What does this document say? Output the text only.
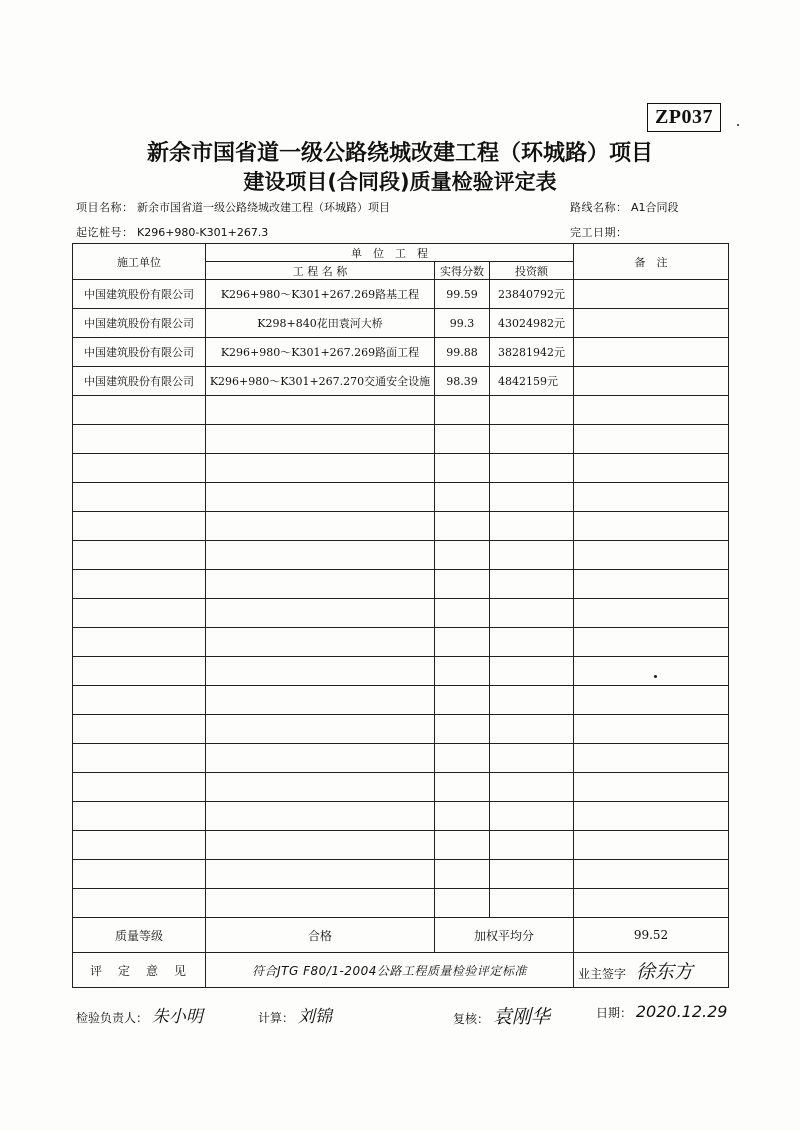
ZP037
新余市国省道一级公路绕城改建工程（环城路）项目
建设项目(合同段)质量检验评定表
项目名称： 新余市国省道一级公路绕城改建工程（环城路）项目	路线名称： A1合同段
起讫桩号： K296+980-K301+267.3	完工日期：
施工单位	单　位　工　程			备　注
	工 程 名 称	实得分数	投资额	
中国建筑股份有限公司	K296+980～K301+267.269路基工程	99.59	23840792元	
中国建筑股份有限公司	K298+840花田袁河大桥	99.3	43024982元	
中国建筑股份有限公司	K296+980～K301+267.269路面工程	99.88	38281942元	
中国建筑股份有限公司	K296+980～K301+267.270交通安全设施	98.39	4842159元	

质量等级	合格	加权平均分		99.52
评　定　意　见	符合JTG F80/1-2004公路工程质量检验评定标准			业主签字 徐东方
检验负责人： 朱小明	计算： 刘锦	复核： 袁刚华	日期： 2020.12.29
